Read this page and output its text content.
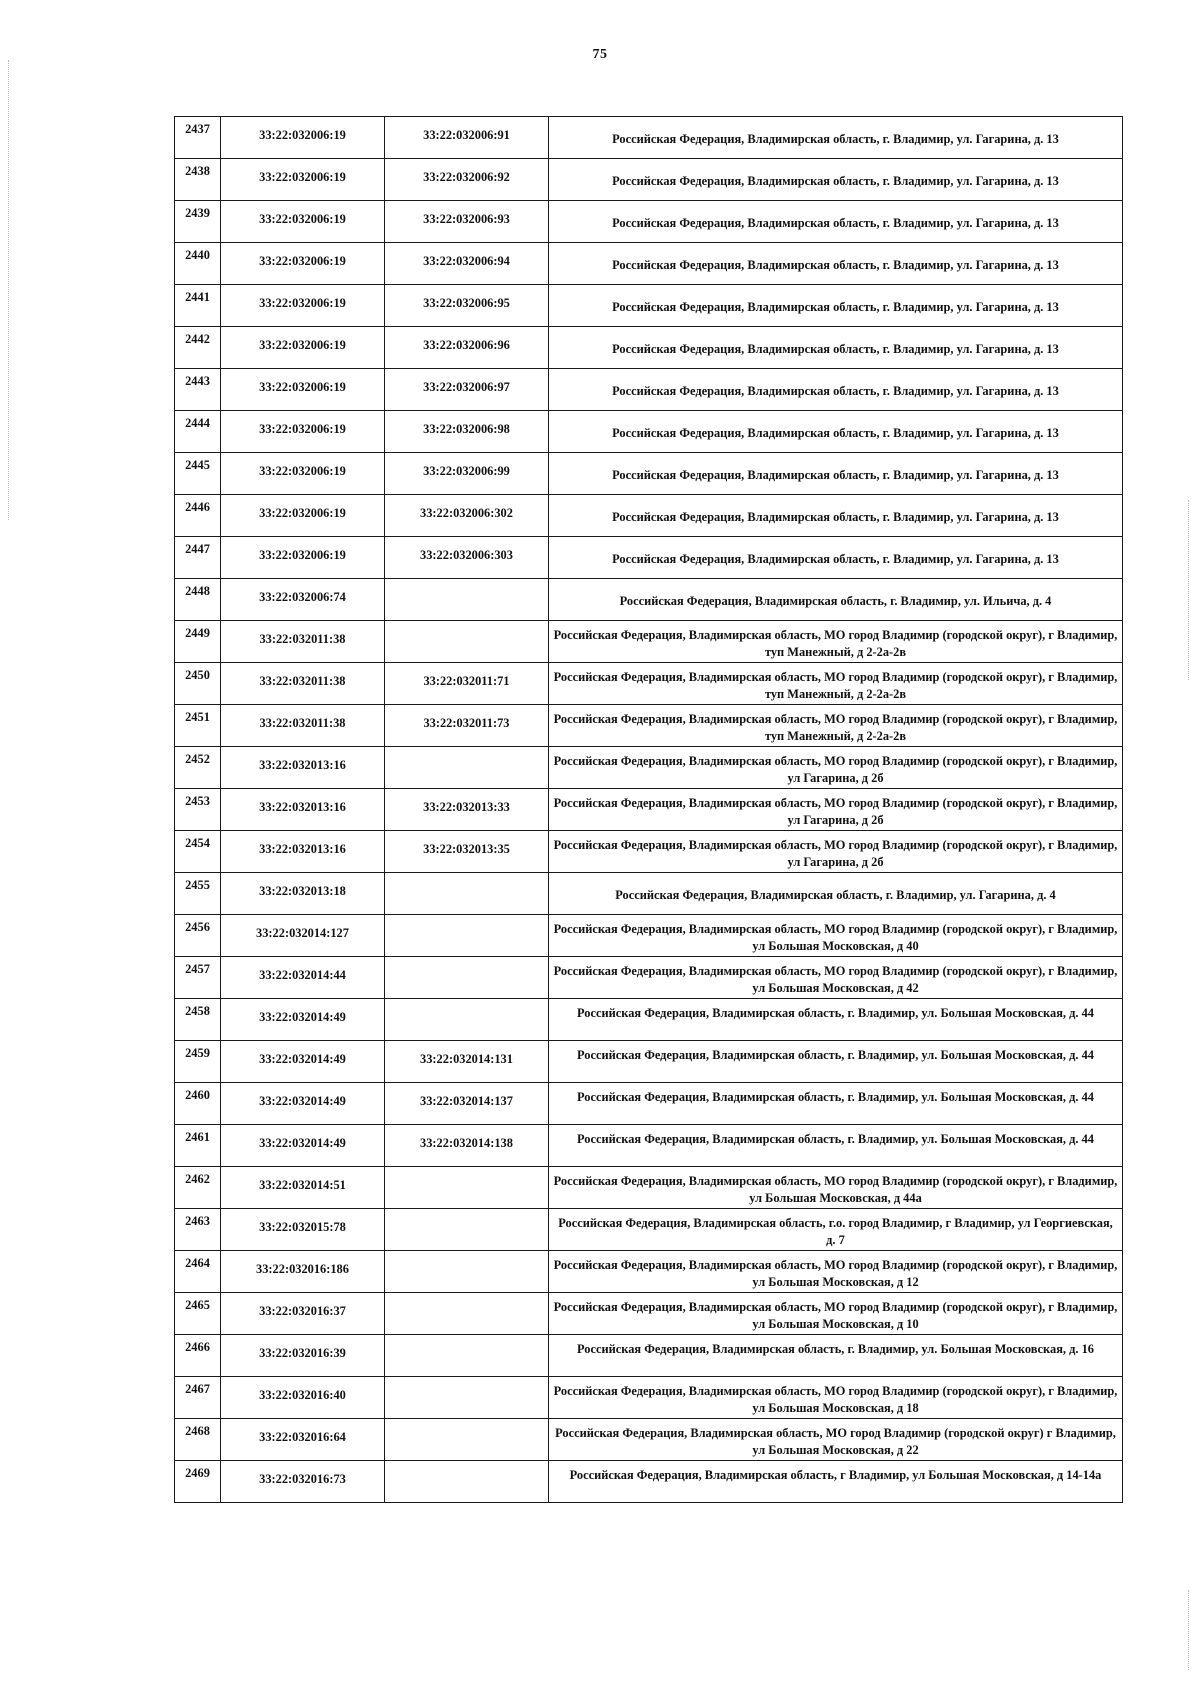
75
2437	33:22:032006:19	33:22:032006:91	Российская Федерация, Владимирская область, г. Владимир, ул. Гагарина, д. 13
2438	33:22:032006:19	33:22:032006:92	Российская Федерация, Владимирская область, г. Владимир, ул. Гагарина, д. 13
2439	33:22:032006:19	33:22:032006:93	Российская Федерация, Владимирская область, г. Владимир, ул. Гагарина, д. 13
2440	33:22:032006:19	33:22:032006:94	Российская Федерация, Владимирская область, г. Владимир, ул. Гагарина, д. 13
2441	33:22:032006:19	33:22:032006:95	Российская Федерация, Владимирская область, г. Владимир, ул. Гагарина, д. 13
2442	33:22:032006:19	33:22:032006:96	Российская Федерация, Владимирская область, г. Владимир, ул. Гагарина, д. 13
2443	33:22:032006:19	33:22:032006:97	Российская Федерация, Владимирская область, г. Владимир, ул. Гагарина, д. 13
2444	33:22:032006:19	33:22:032006:98	Российская Федерация, Владимирская область, г. Владимир, ул. Гагарина, д. 13
2445	33:22:032006:19	33:22:032006:99	Российская Федерация, Владимирская область, г. Владимир, ул. Гагарина, д. 13
2446	33:22:032006:19	33:22:032006:302	Российская Федерация, Владимирская область, г. Владимир, ул. Гагарина, д. 13
2447	33:22:032006:19	33:22:032006:303	Российская Федерация, Владимирская область, г. Владимир, ул. Гагарина, д. 13
2448	33:22:032006:74		Российская Федерация, Владимирская область, г. Владимир, ул. Ильича, д. 4
2449	33:22:032011:38		Российская Федерация, Владимирская область, МО город Владимир (городской округ), г Владимир, туп Манежный, д 2-2а-2в
2450	33:22:032011:38	33:22:032011:71	Российская Федерация, Владимирская область, МО город Владимир (городской округ), г Владимир, туп Манежный, д 2-2а-2в
2451	33:22:032011:38	33:22:032011:73	Российская Федерация, Владимирская область, МО город Владимир (городской округ), г Владимир, туп Манежный, д 2-2а-2в
2452	33:22:032013:16		Российская Федерация, Владимирская область, МО город Владимир (городской округ), г Владимир, ул Гагарина, д 2б
2453	33:22:032013:16	33:22:032013:33	Российская Федерация, Владимирская область, МО город Владимир (городской округ), г Владимир, ул Гагарина, д 2б
2454	33:22:032013:16	33:22:032013:35	Российская Федерация, Владимирская область, МО город Владимир (городской округ), г Владимир, ул Гагарина, д 2б
2455	33:22:032013:18		Российская Федерация, Владимирская область, г. Владимир, ул. Гагарина, д. 4
2456	33:22:032014:127		Российская Федерация, Владимирская область, МО город Владимир (городской округ), г Владимир, ул Большая Московская, д 40
2457	33:22:032014:44		Российская Федерация, Владимирская область, МО город Владимир (городской округ), г Владимир, ул Большая Московская, д 42
2458	33:22:032014:49		Российская Федерация, Владимирская область, г. Владимир, ул. Большая Московская, д. 44
2459	33:22:032014:49	33:22:032014:131	Российская Федерация, Владимирская область, г. Владимир, ул. Большая Московская, д. 44
2460	33:22:032014:49	33:22:032014:137	Российская Федерация, Владимирская область, г. Владимир, ул. Большая Московская, д. 44
2461	33:22:032014:49	33:22:032014:138	Российская Федерация, Владимирская область, г. Владимир, ул. Большая Московская, д. 44
2462	33:22:032014:51		Российская Федерация, Владимирская область, МО город Владимир (городской округ), г Владимир, ул Большая Московская, д 44а
2463	33:22:032015:78		Российская Федерация, Владимирская область, г.о. город Владимир, г Владимир, ул Георгиевская, д. 7
2464	33:22:032016:186		Российская Федерация, Владимирская область, МО город Владимир (городской округ), г Владимир, ул Большая Московская, д 12
2465	33:22:032016:37		Российская Федерация, Владимирская область, МО город Владимир (городской округ), г Владимир, ул Большая Московская, д 10
2466	33:22:032016:39		Российская Федерация, Владимирская область, г. Владимир, ул. Большая Московская, д. 16
2467	33:22:032016:40		Российская Федерация, Владимирская область, МО город Владимир (городской округ), г Владимир, ул Большая Московская, д 18
2468	33:22:032016:64		Российская Федерация, Владимирская область, МО город Владимир (городской округ) г Владимир, ул Большая Московская, д 22
2469	33:22:032016:73		Российская Федерация, Владимирская область, г Владимир, ул Большая Московская, д 14-14а
